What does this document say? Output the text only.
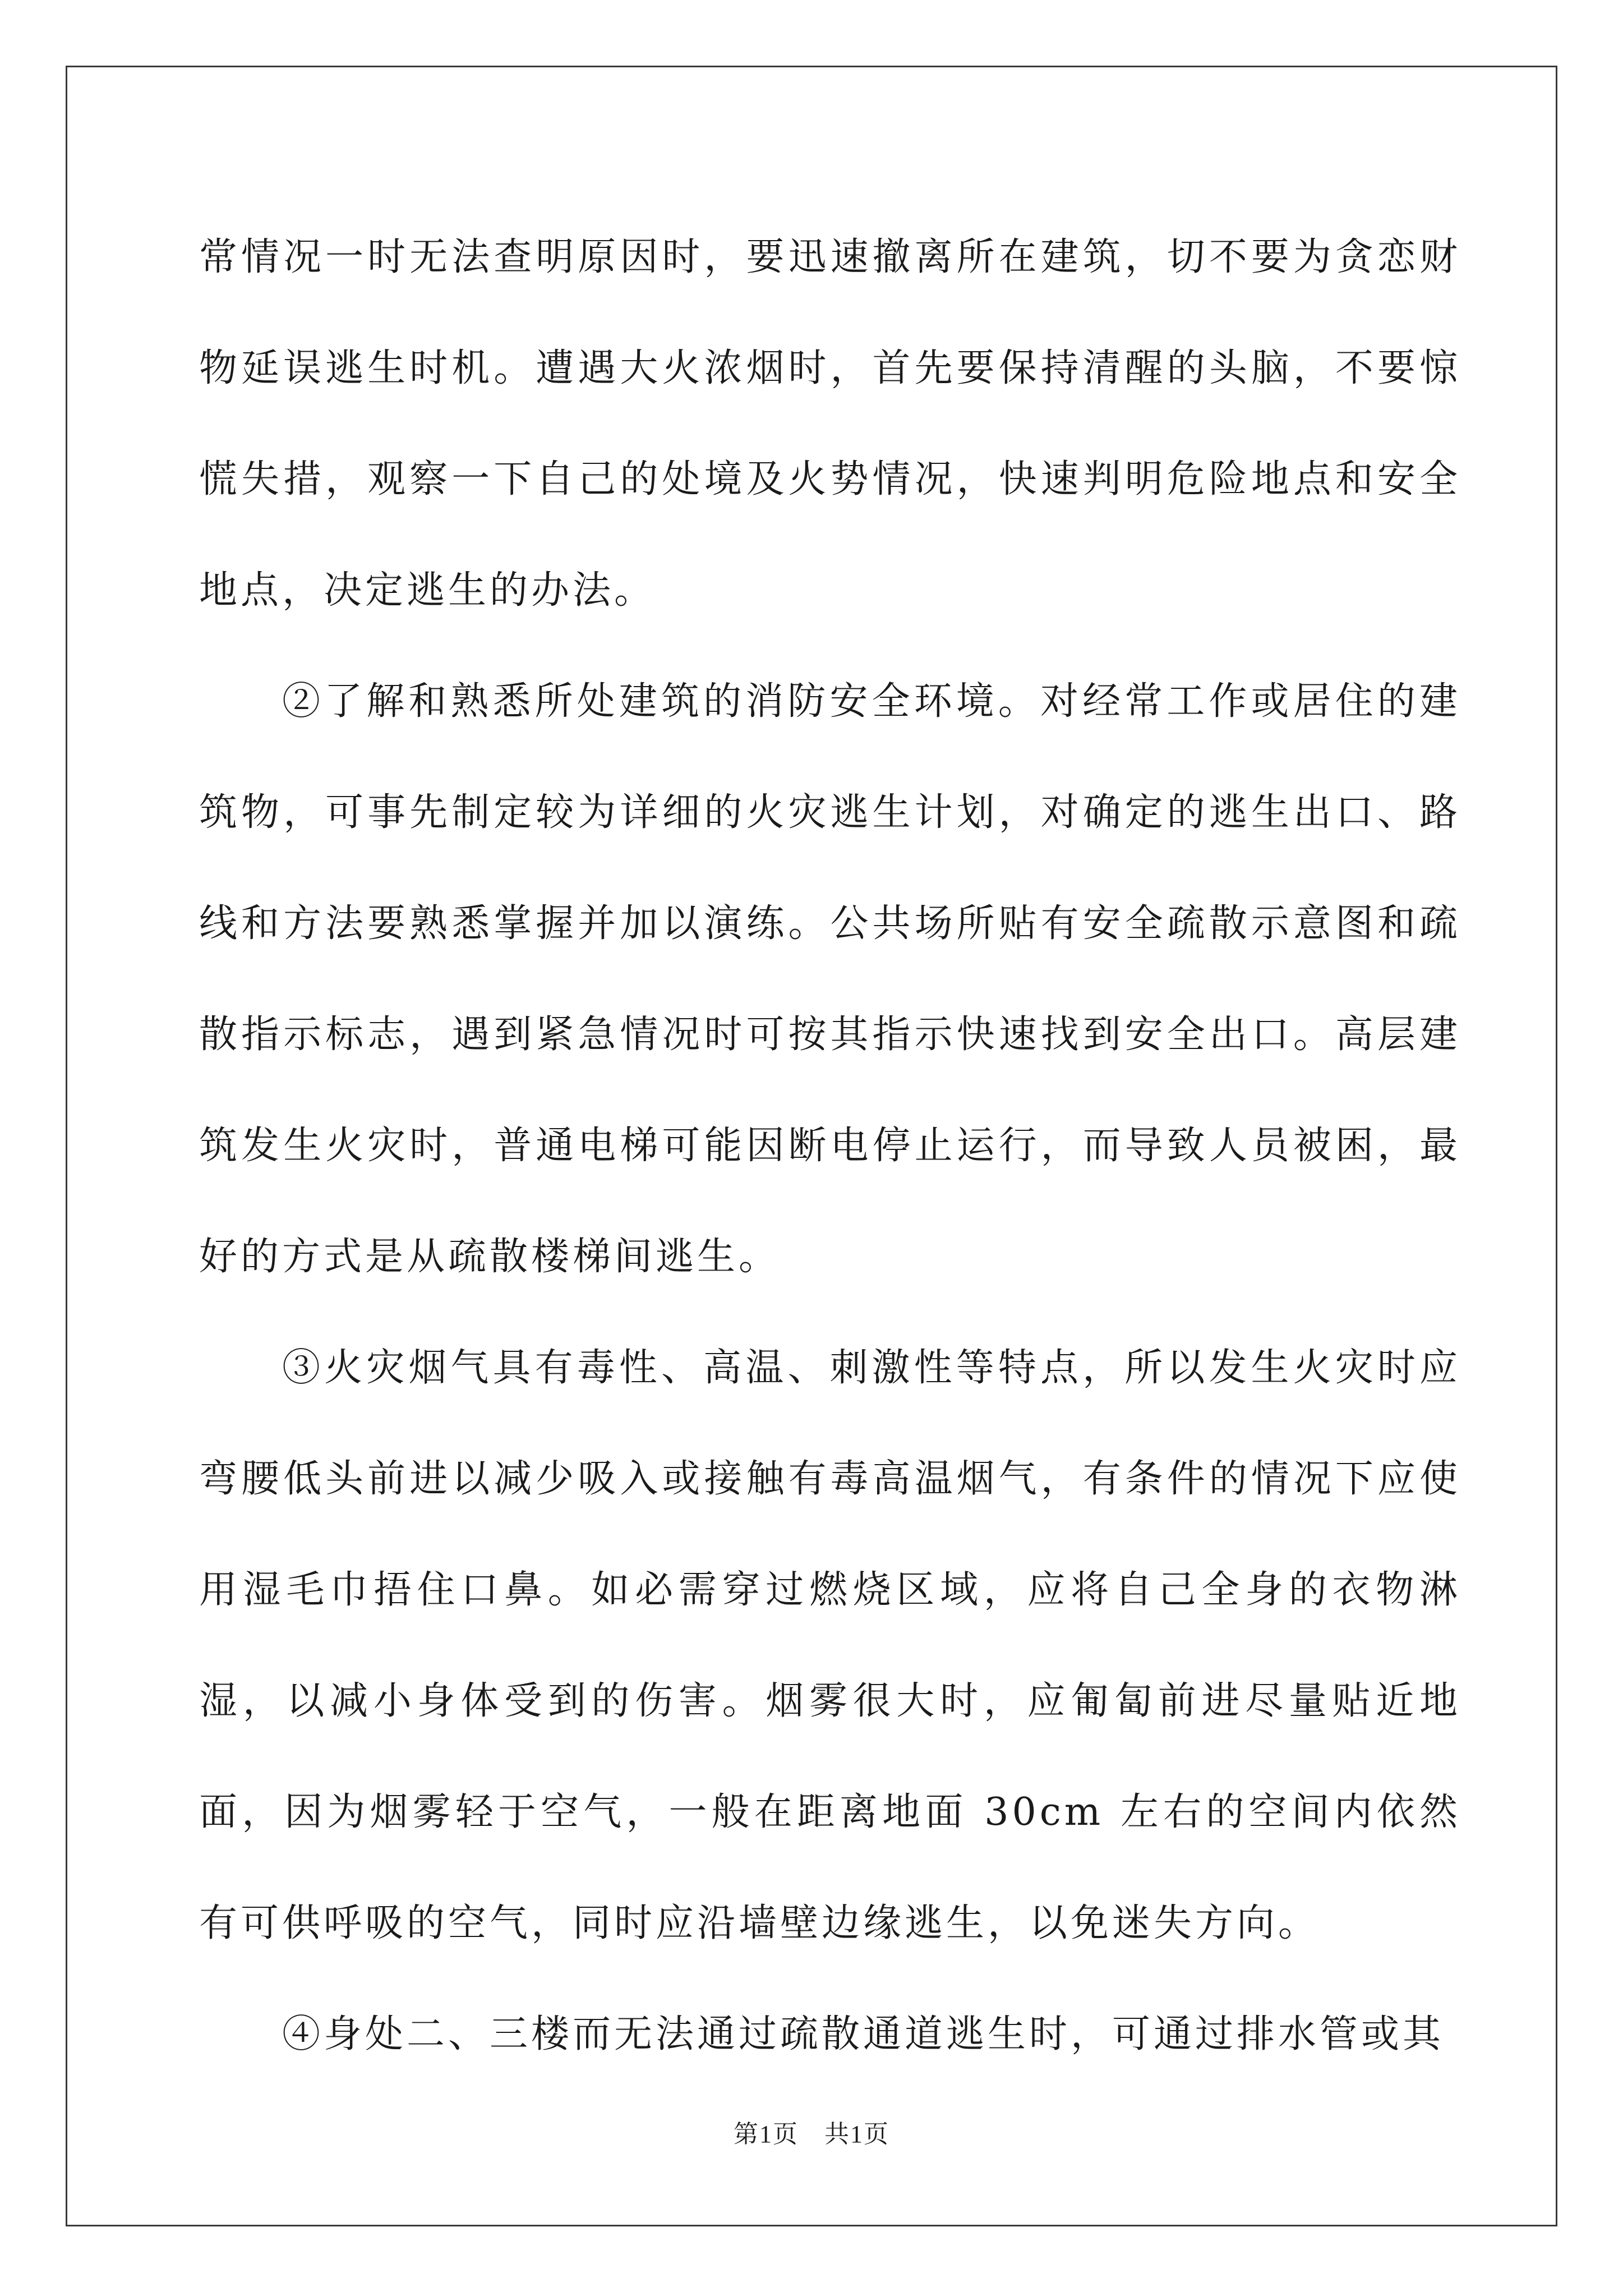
常情况一时无法查明原因时，要迅速撤离所在建筑，切不要为贪恋财物延误逃生时机。遭遇大火浓烟时，首先要保持清醒的头脑，不要惊慌失措，观察一下自己的处境及火势情况，快速判明危险地点和安全地点，决定逃生的办法。

②了解和熟悉所处建筑的消防安全环境。对经常工作或居住的建筑物，可事先制定较为详细的火灾逃生计划，对确定的逃生出口、路线和方法要熟悉掌握并加以演练。公共场所贴有安全疏散示意图和疏散指示标志，遇到紧急情况时可按其指示快速找到安全出口。高层建筑发生火灾时，普通电梯可能因断电停止运行，而导致人员被困，最好的方式是从疏散楼梯间逃生。

③火灾烟气具有毒性、高温、刺激性等特点，所以发生火灾时应弯腰低头前进以减少吸入或接触有毒高温烟气，有条件的情况下应使用湿毛巾捂住口鼻。如必需穿过燃烧区域，应将自己全身的衣物淋湿，以减小身体受到的伤害。烟雾很大时，应匍匐前进尽量贴近地面，因为烟雾轻于空气，一般在距离地面 30cm 左右的空间内依然有可供呼吸的空气，同时应沿墙壁边缘逃生，以免迷失方向。

④身处二、三楼而无法通过疏散通道逃生时，可通过排水管或其

第1页　共1页
